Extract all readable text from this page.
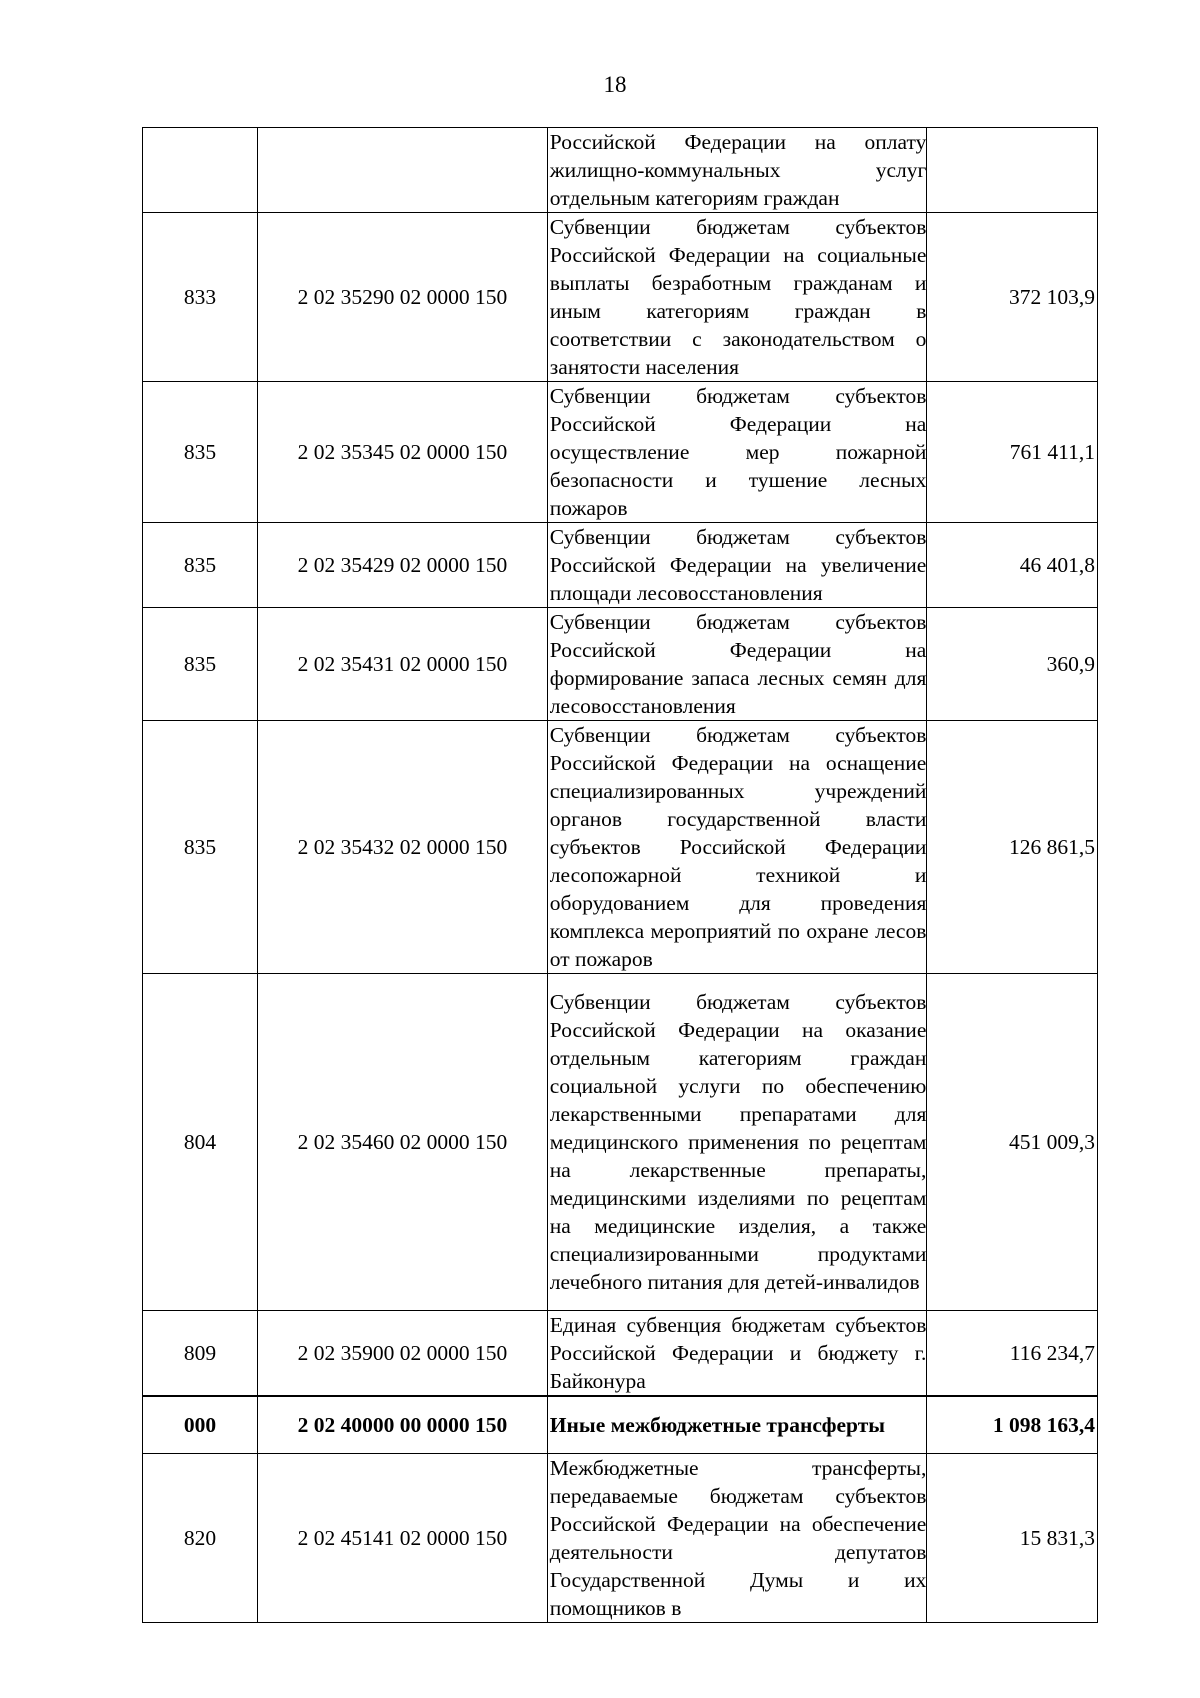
18
		Российской Федерации на оплату жилищно-коммунальных услуг отдельным категориям граждан	
833	2 02 35290 02 0000 150	Субвенции бюджетам субъектов Российской Федерации на социальные выплаты безработным гражданам и иным категориям граждан в соответствии с законодательством о занятости населения	372 103,9
835	2 02 35345 02 0000 150	Субвенции бюджетам субъектов Российской Федерации на осуществление мер пожарной безопасности и тушение лесных пожаров	761 411,1
835	2 02 35429 02 0000 150	Субвенции бюджетам субъектов Российской Федерации на увеличение площади лесовосстановления	46 401,8
835	2 02 35431 02 0000 150	Субвенции бюджетам субъектов Российской Федерации на формирование запаса лесных семян для лесовосстановления	360,9
835	2 02 35432 02 0000 150	Субвенции бюджетам субъектов Российской Федерации на оснащение специализированных учреждений органов государственной власти субъектов Российской Федерации лесопожарной техникой и оборудованием для проведения комплекса мероприятий по охране лесов от пожаров	126 861,5
804	2 02 35460 02 0000 150	Субвенции бюджетам субъектов Российской Федерации на оказание отдельным категориям граждан социальной услуги по обеспечению лекарственными препаратами для медицинского применения по рецептам на лекарственные препараты, медицинскими изделиями по рецептам на медицинские изделия, а также специализированными продуктами лечебного питания для детей-инвалидов	451 009,3
809	2 02 35900 02 0000 150	Единая субвенция бюджетам субъектов Российской Федерации и бюджету г. Байконура	116 234,7
000	2 02 40000 00 0000 150	Иные межбюджетные трансферты	1 098 163,4
820	2 02 45141 02 0000 150	Межбюджетные трансферты, передаваемые бюджетам субъектов Российской Федерации на обеспечение деятельности депутатов Государственной Думы и их помощников в	15 831,3
